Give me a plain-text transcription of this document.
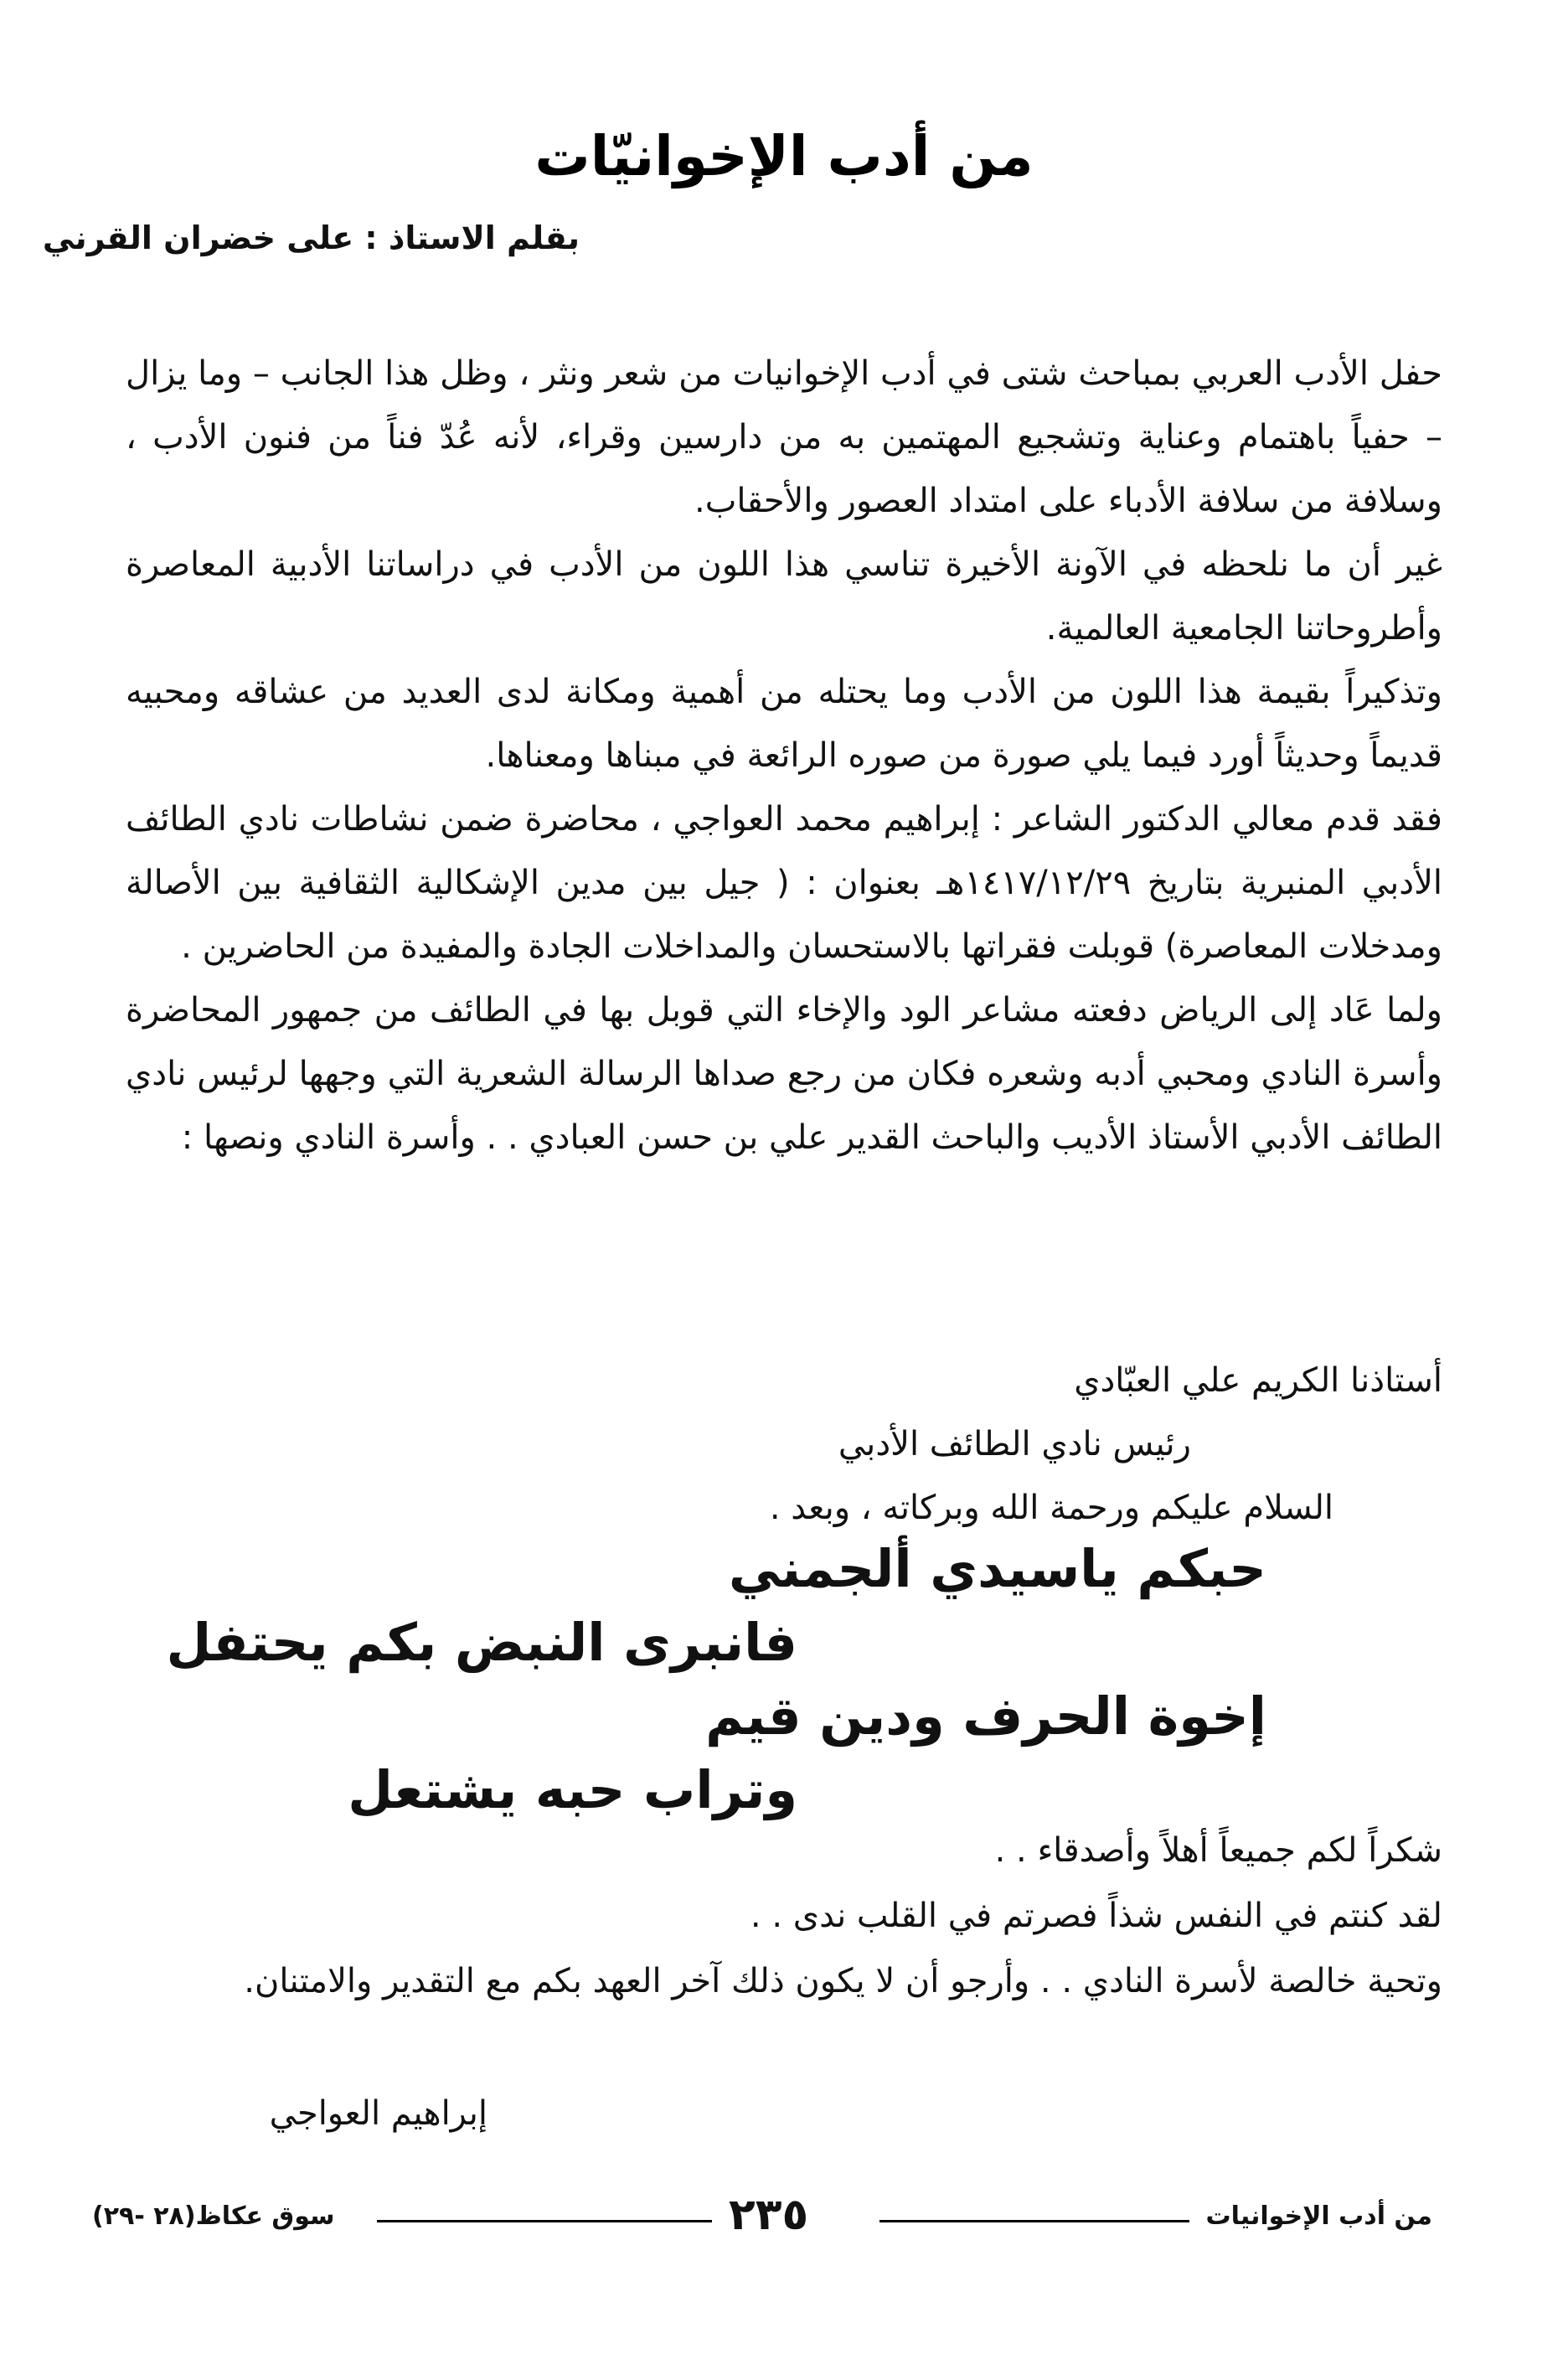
من أدب الإخوانيّات
بقلم الاستاذ : على خضران القرني

حفل الأدب العربي بمباحث شتى في أدب الإخوانيات من شعر ونثر ، وظل هذا الجانب – وما يزال – حفياً باهتمام وعناية وتشجيع المهتمين به من دارسين وقراء، لأنه عُدّ فناً من فنون الأدب ، وسلافة من سلافة الأدباء على امتداد العصور والأحقاب.

غير أن ما نلحظه في الآونة الأخيرة تناسي هذا اللون من الأدب في دراساتنا الأدبية المعاصرة وأطروحاتنا الجامعية العالمية.

وتذكيراً بقيمة هذا اللون من الأدب وما يحتله من أهمية ومكانة لدى العديد من عشاقه ومحبيه قديماً وحديثاً أورد فيما يلي صورة من صوره الرائعة في مبناها ومعناها.

فقد قدم معالي الدكتور الشاعر : إبراهيم محمد العواجي ، محاضرة ضمن نشاطات نادي الطائف الأدبي المنبرية بتاريخ ١٤١٧/١٢/٢٩هـ بعنوان : ( جيل بين مدين الإشكالية الثقافية بين الأصالة ومدخلات المعاصرة) قوبلت فقراتها بالاستحسان والمداخلات الجادة والمفيدة من الحاضرين .

ولما عَاد إلى الرياض دفعته مشاعر الود والإخاء التي قوبل بها في الطائف من جمهور المحاضرة وأسرة النادي ومحبي أدبه وشعره فكان من رجع صداها الرسالة الشعرية التي وجهها لرئيس نادي الطائف الأدبي الأستاذ الأديب والباحث القدير علي بن حسن العبادي . . وأسرة النادي ونصها :

أستاذنا الكريم علي العبّادي
رئيس نادي الطائف الأدبي
السلام عليكم ورحمة الله وبركاته ، وبعد .
حبكم ياسيدي ألجمني
فانبرى النبض بكم يحتفل
إخوة الحرف ودين قيم
وتراب حبه يشتعل

شكراً لكم جميعاً أهلاً وأصدقاء . .

لقد كنتم في النفس شذاً فصرتم في القلب ندى . .

وتحية خالصة لأسرة النادي . . وأرجو أن لا يكون ذلك آخر العهد بكم مع التقدير والامتنان.

إبراهيم العواجي
من أدب الإخوانيات
٢٣٥
سوق عكاظ(٢٨ -٢٩)
